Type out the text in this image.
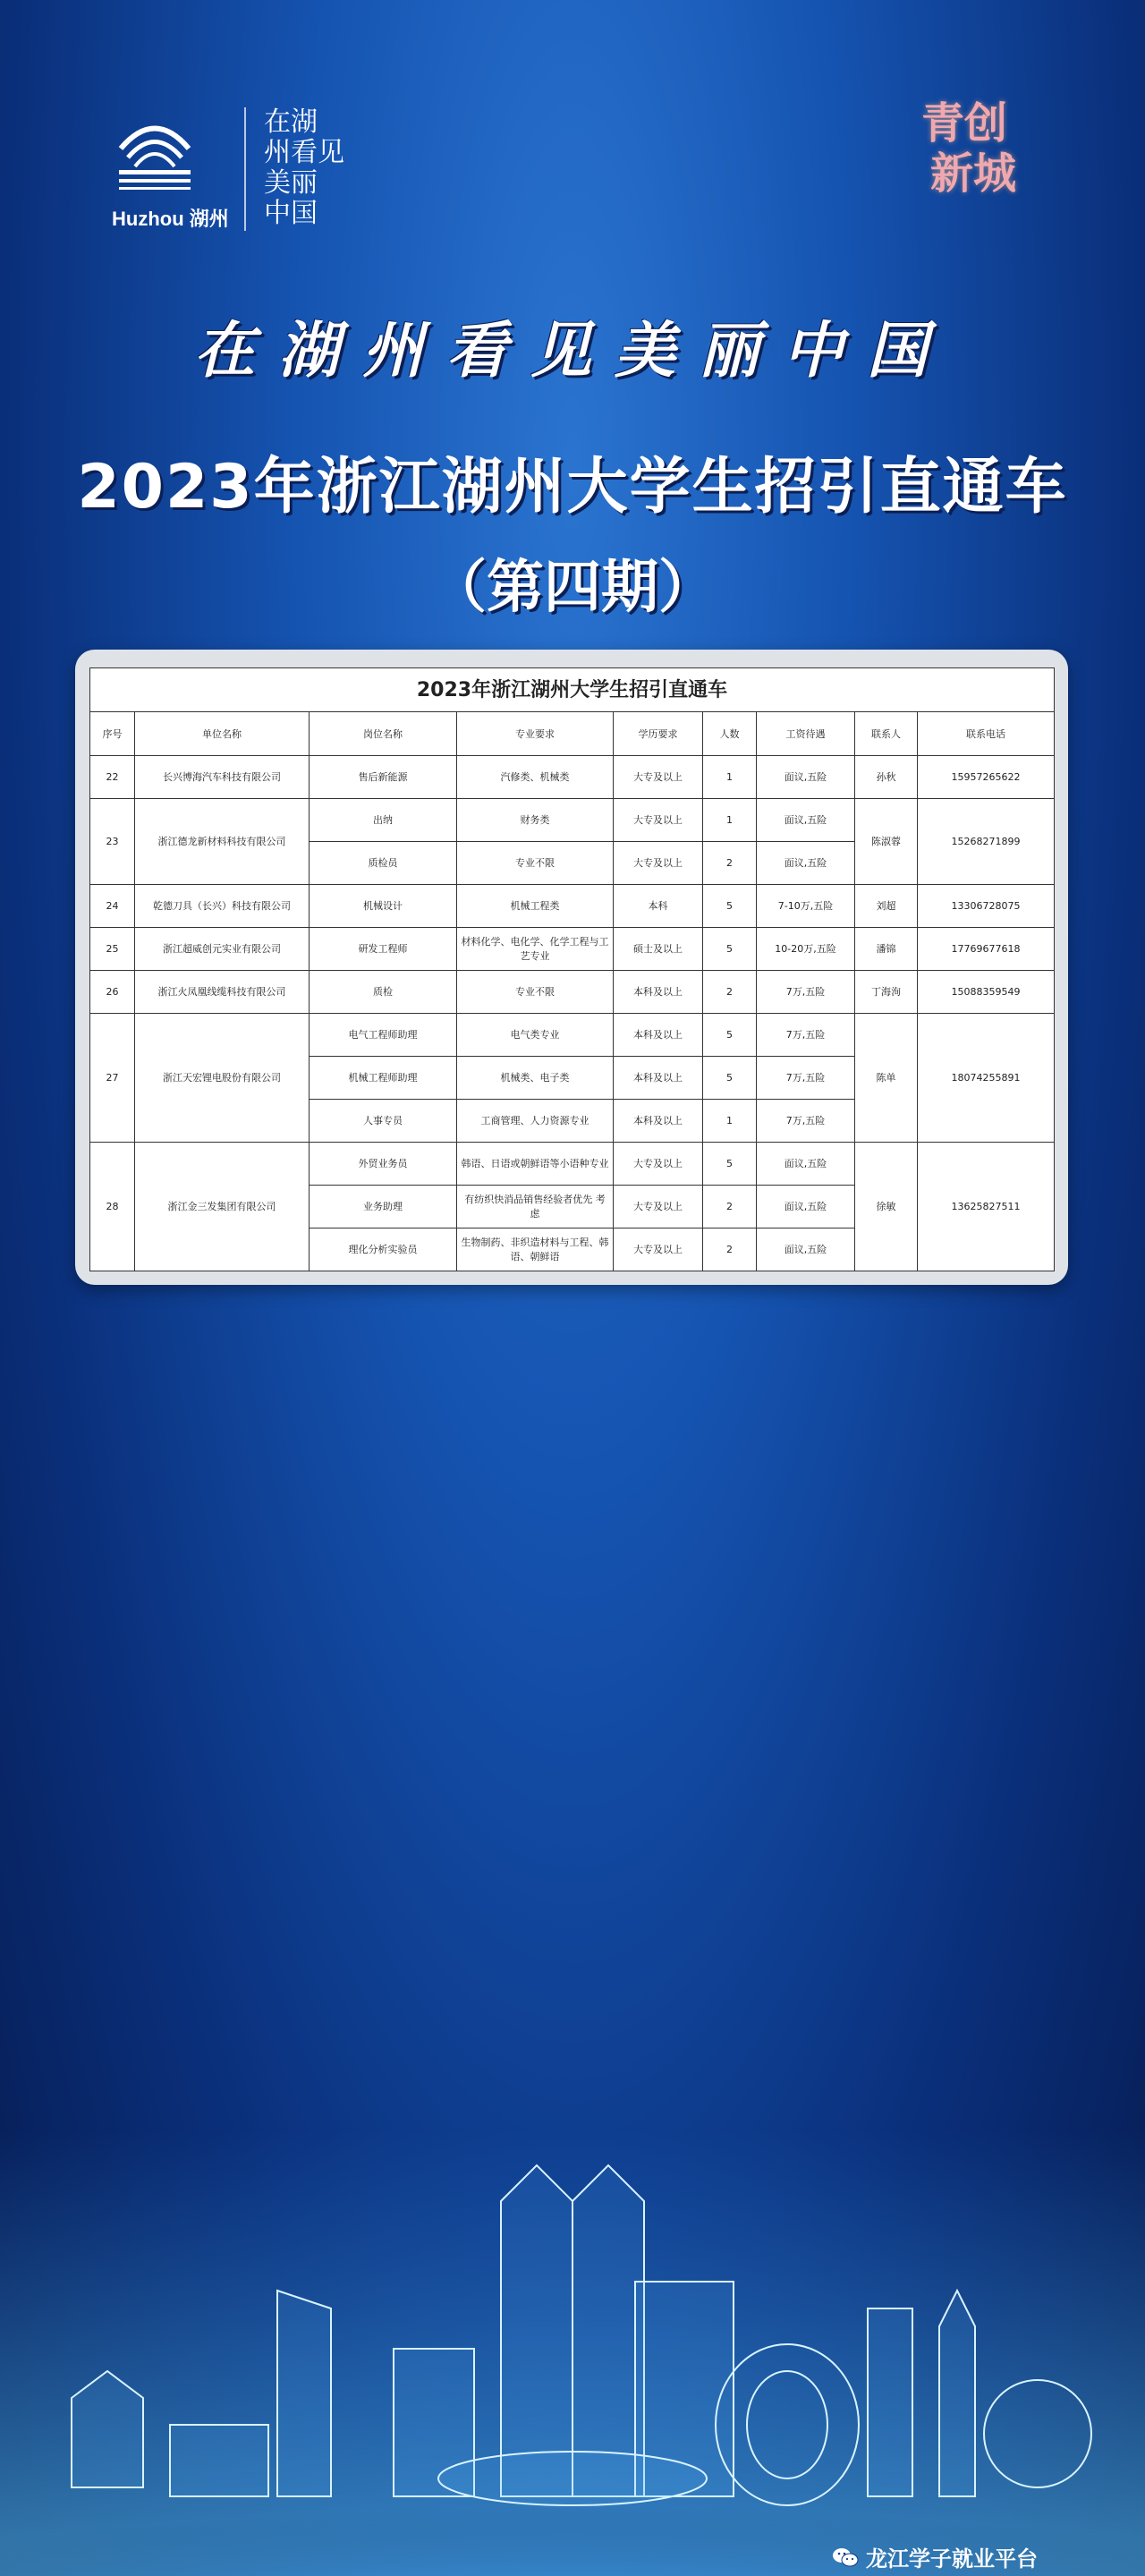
Huzhou 湖州
在湖
州看见
美丽
中国
青创
新城
在湖州看见美丽中国
2023年浙江湖州大学生招引直通车
（第四期）
2023年浙江湖州大学生招引直通车								
序号	单位名称	岗位名称	专业要求	学历要求	人数	工资待遇	联系人	联系电话
22	长兴博海汽车科技有限公司	售后新能源	汽修类、机械类	大专及以上	1	面议,五险	孙秋	15957265622
23	浙江德龙新材料科技有限公司	出纳	财务类	大专及以上	1	面议,五险	陈淑蓉	15268271899
		质检员	专业不限	大专及以上	2	面议,五险		
24	乾德刀具（长兴）科技有限公司	机械设计	机械工程类	本科	5	7-10万,五险	刘超	13306728075
25	浙江超威创元实业有限公司	研发工程师	材料化学、电化学、化学工程与工艺专业	硕士及以上	5	10-20万,五险	潘锦	17769677618
26	浙江火凤凰线缆科技有限公司	质检	专业不限	本科及以上	2	7万,五险	丁海洵	15088359549
27	浙江天宏锂电股份有限公司	电气工程师助理	电气类专业	本科及以上	5	7万,五险	陈单	18074255891
		机械工程师助理	机械类、电子类	本科及以上	5	7万,五险		
		人事专员	工商管理、人力资源专业	本科及以上	1	7万,五险		
28	浙江金三发集团有限公司	外贸业务员	韩语、日语或朝鲜语等小语种专业	大专及以上	5	面议,五险	徐敏	13625827511
		业务助理	有纺织快消品销售经验者优先 考虑	大专及以上	2	面议,五险		
		理化分析实验员	生物制药、非织造材料与工程、韩语、朝鲜语	大专及以上	2	面议,五险		
龙江学子就业平台
